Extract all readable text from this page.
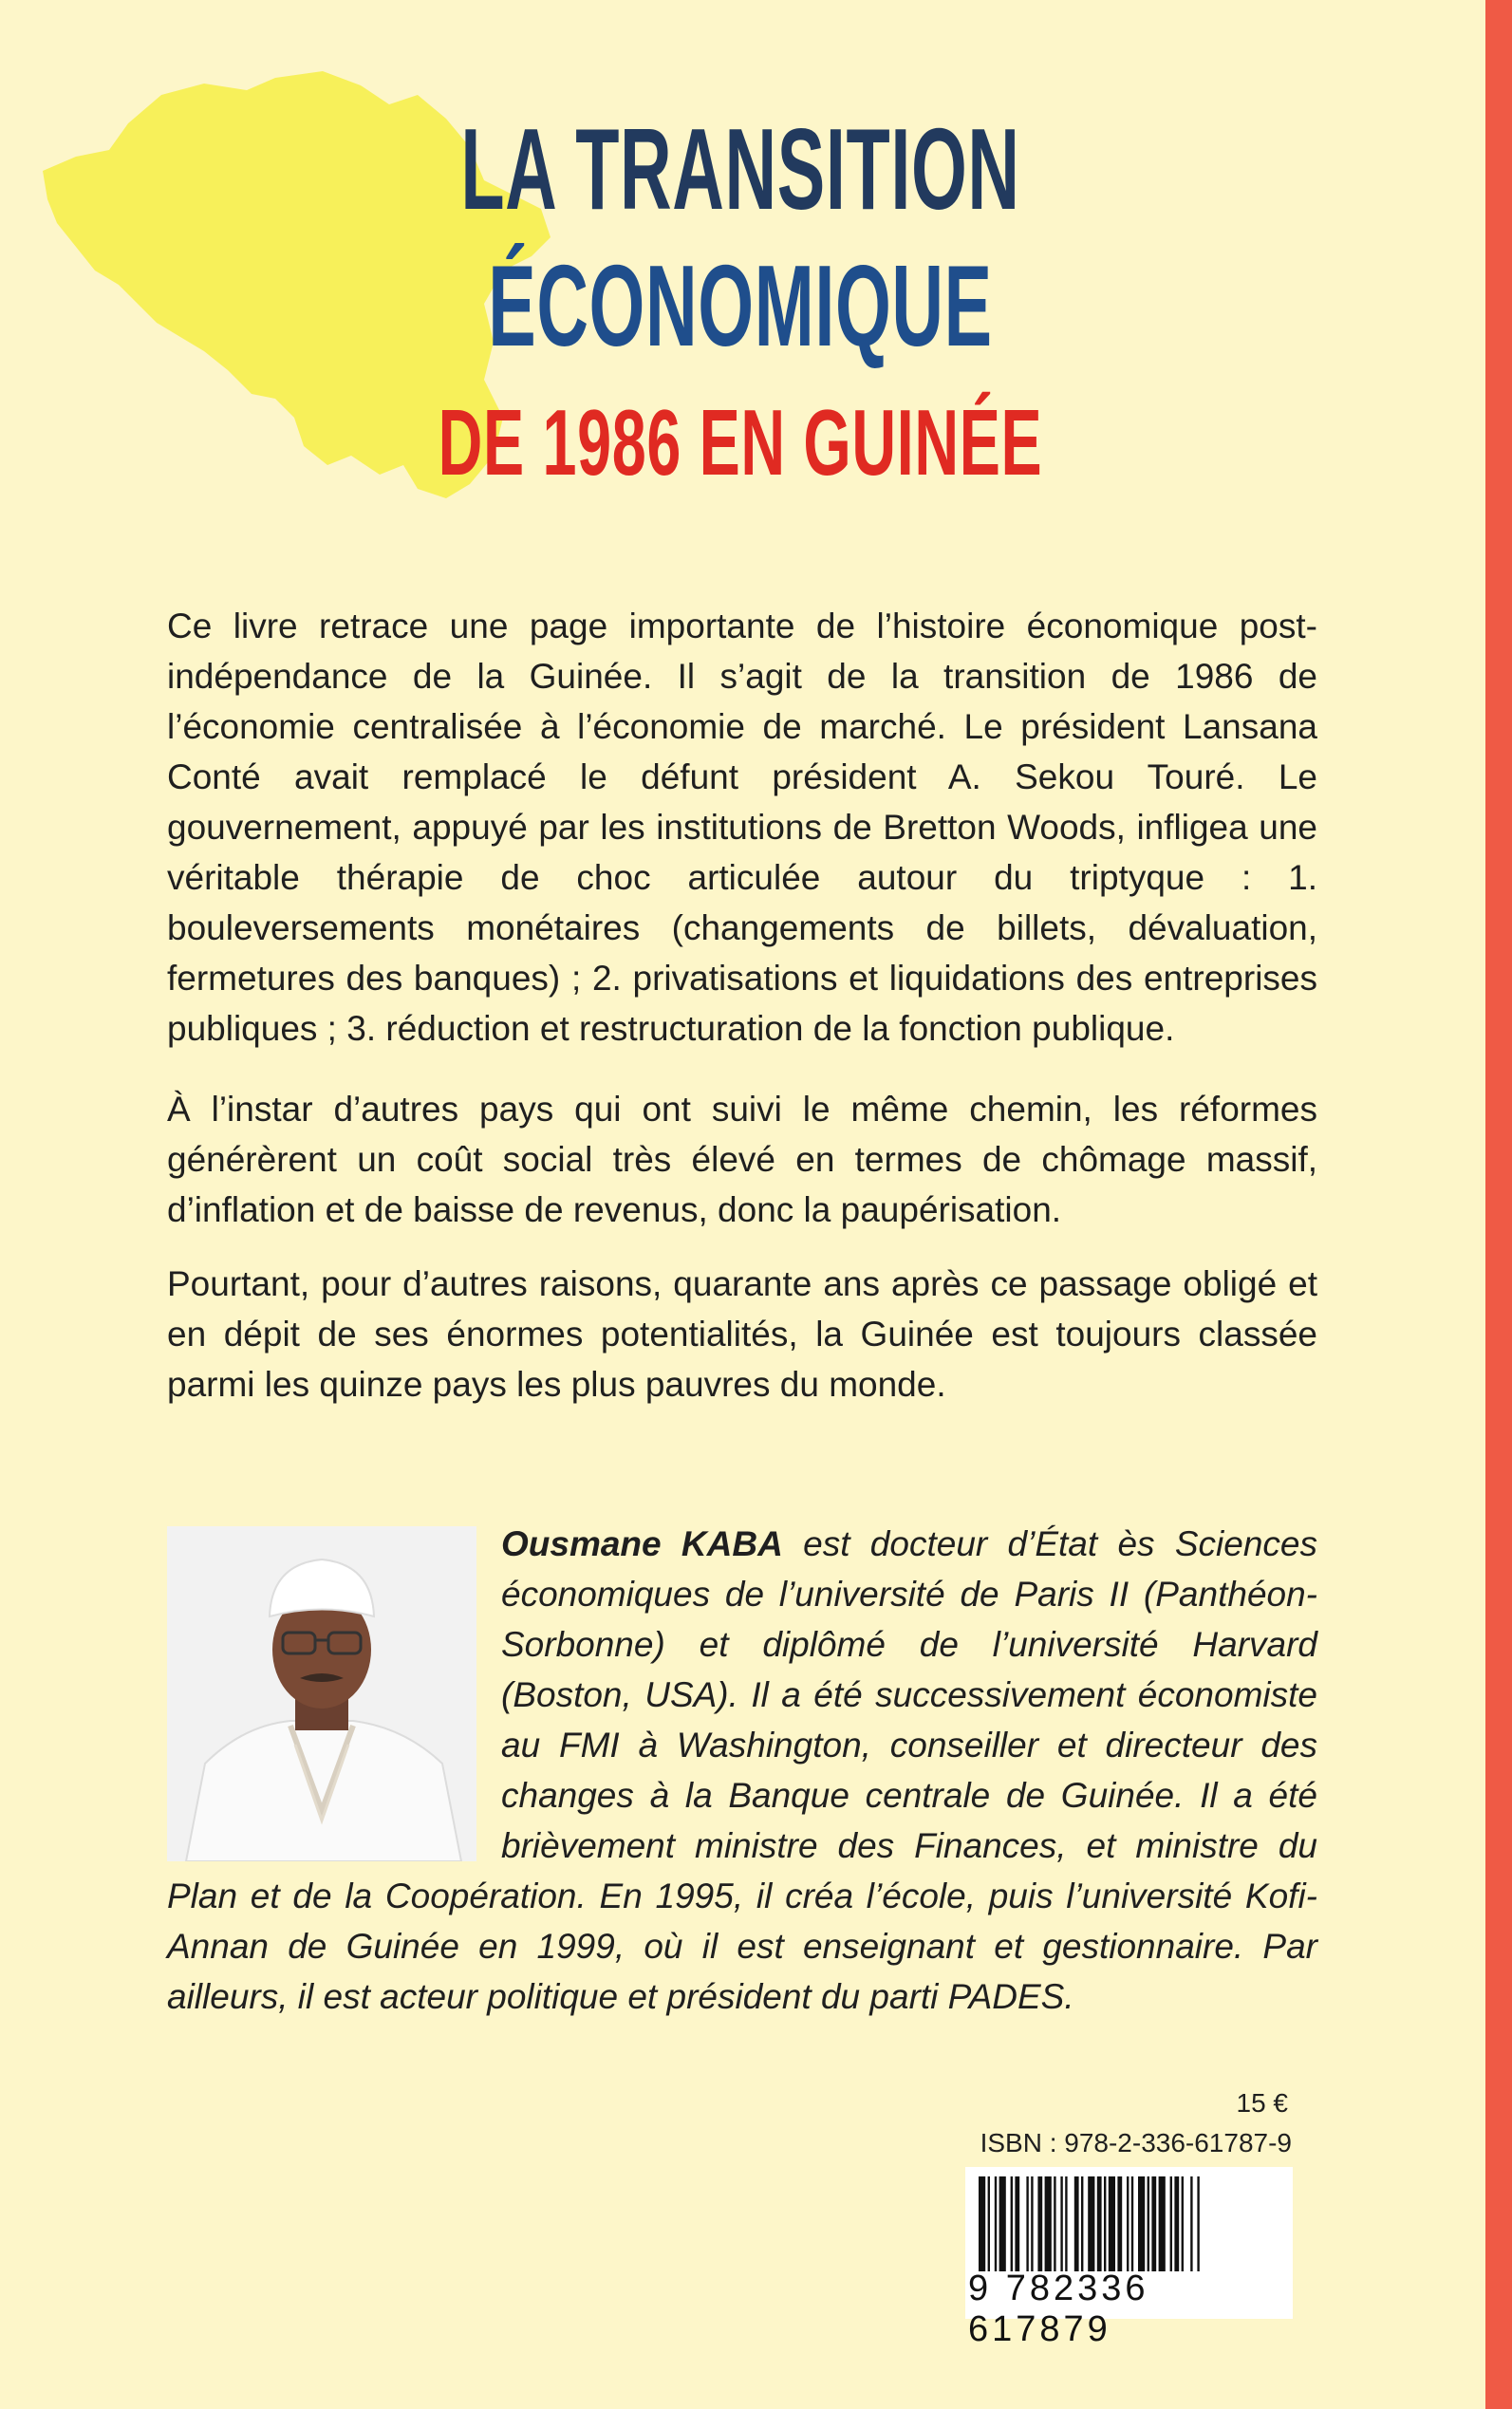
LA TRANSITION
ÉCONOMIQUE
DE 1986 EN GUINÉE

Ce livre retrace une page importante de l’histoire économique post-indépendance de la Guinée. Il s’agit de la transition de 1986 de l’économie centralisée à l’économie de marché. Le président Lansana Conté avait remplacé le défunt président A. Sekou Touré. Le gouvernement, appuyé par les institutions de Bretton Woods, infligea une véritable thérapie de choc articulée autour du triptyque : 1. bouleversements monétaires (changements de billets, dévaluation, fermetures des banques) ; 2. privatisations et liquidations des entreprises publiques ; 3. réduction et restructuration de la fonction publique.

À l’instar d’autres pays qui ont suivi le même chemin, les réformes générèrent un coût social très élevé en termes de chômage massif, d’inflation et de baisse de revenus, donc la paupérisation.

Pourtant, pour d’autres raisons, quarante ans après ce passage obligé et en dépit de ses énormes potentialités, la Guinée est toujours classée parmi les quinze pays les plus pauvres du monde.

Ousmane KABA est docteur d’État ès Sciences économiques de l’université de Paris II (Panthéon-Sorbonne) et diplômé de l’université Harvard (Boston, USA). Il a été successivement économiste au FMI à Washington, conseiller et directeur des changes à la Banque centrale de Guinée. Il a été brièvement ministre des Finances, et ministre du Plan et de la Coopération. En 1995, il créa l’école, puis l’université Kofi-Annan de Guinée en 1999, où il est enseignant et gestionnaire. Par ailleurs, il est acteur politique et président du parti PADES.
15 €
ISBN : 978-2-336-61787-9
9 782336 617879
